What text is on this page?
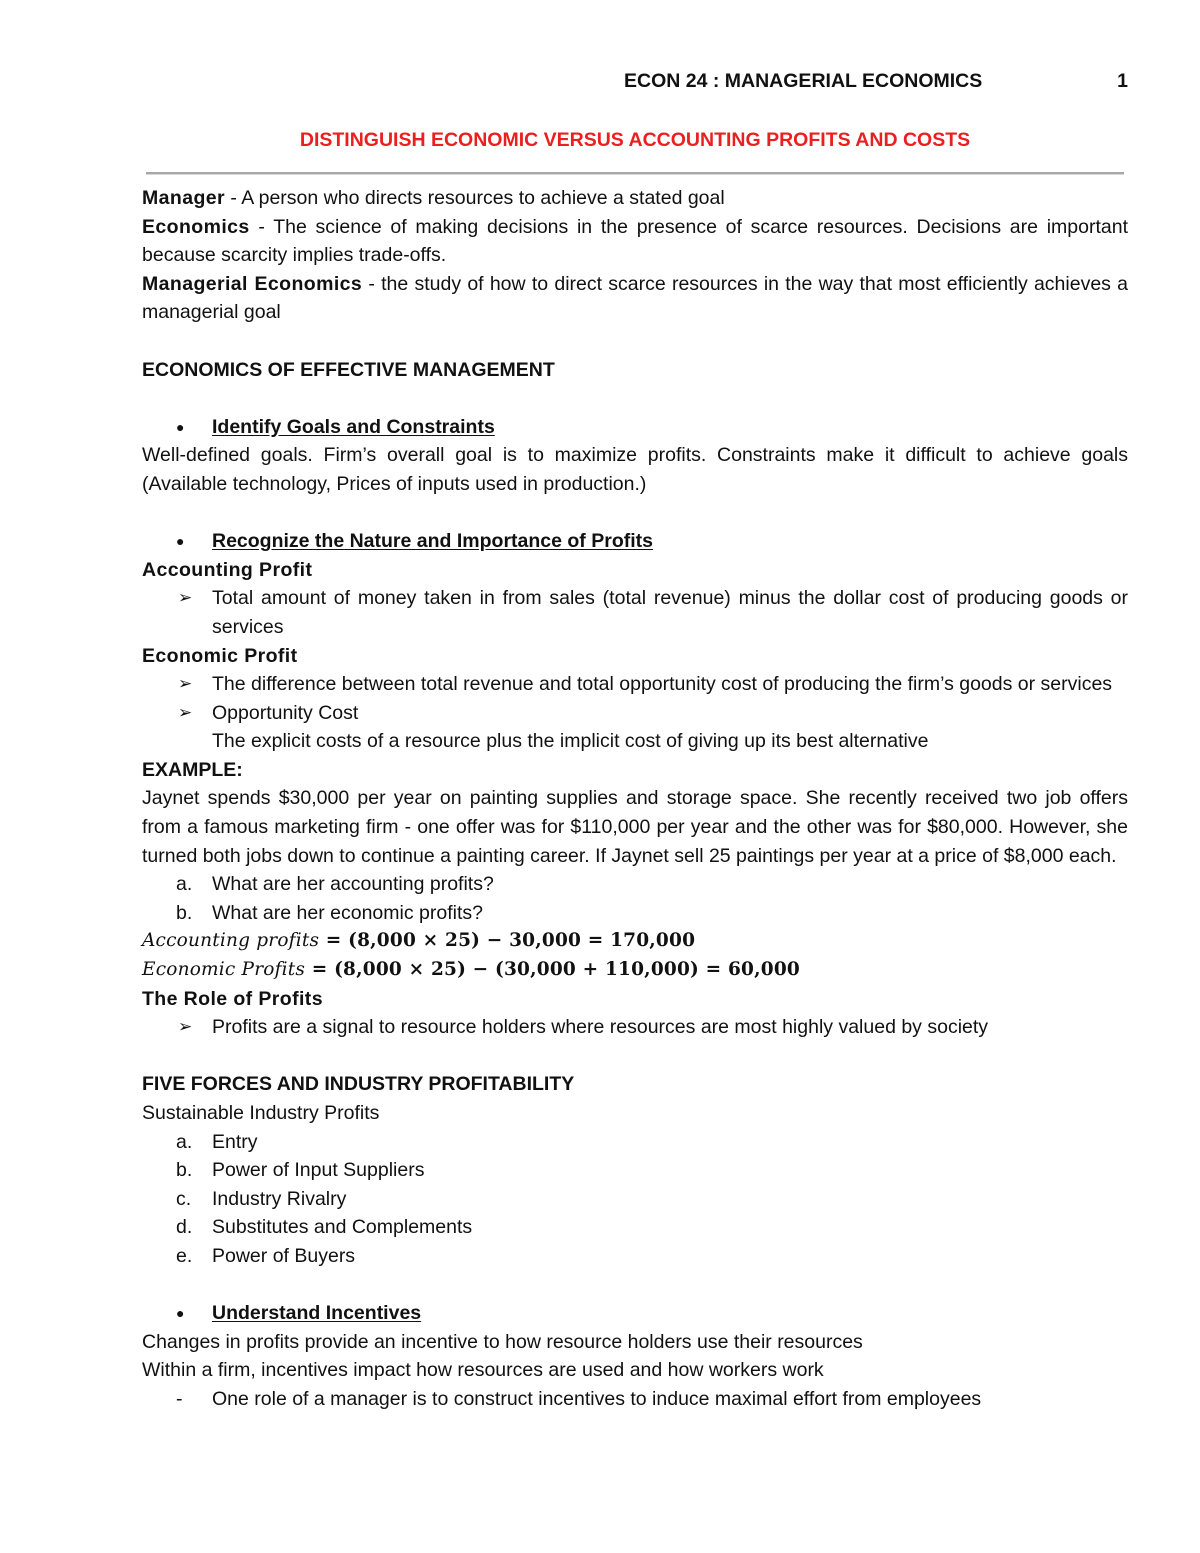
ECON 24 : MANAGERIAL ECONOMICS	1
DISTINGUISH ECONOMIC VERSUS ACCOUNTING PROFITS AND COSTS

Manager - A person who directs resources to achieve a stated goal

Economics - The science of making decisions in the presence of scarce resources. Decisions are important because scarcity implies trade-offs.

Managerial Economics - the study of how to direct scarce resources in the way that most efficiently achieves a managerial goal

ECONOMICS OF EFFECTIVE MANAGEMENT

● Identify Goals and Constraints

Well-defined goals. Firm’s overall goal is to maximize profits. Constraints make it difficult to achieve goals (Available technology, Prices of inputs used in production.)

● Recognize the Nature and Importance of Profits

Accounting Profit

➢ Total amount of money taken in from sales (total revenue) minus the dollar cost of producing goods or services

Economic Profit

➢ The difference between total revenue and total opportunity cost of producing the firm’s goods or services

➢ Opportunity Cost

The explicit costs of a resource plus the implicit cost of giving up its best alternative

EXAMPLE:

Jaynet spends $30,000 per year on painting supplies and storage space. She recently received two job offers from a famous marketing firm - one offer was for $110,000 per year and the other was for $80,000. However, she turned both jobs down to continue a painting career. If Jaynet sell 25 paintings per year at a price of $8,000 each.

a. What are her accounting profits?

b. What are her economic profits?

Accounting profits = (8,000 × 25) − 30,000 = 170,000

Economic Profits = (8,000 × 25) − (30,000 + 110,000) = 60,000

The Role of Profits

➢ Profits are a signal to resource holders where resources are most highly valued by society

FIVE FORCES AND INDUSTRY PROFITABILITY

Sustainable Industry Profits

a. Entry

b. Power of Input Suppliers

c. Industry Rivalry

d. Substitutes and Complements

e. Power of Buyers

● Understand Incentives

Changes in profits provide an incentive to how resource holders use their resources

Within a firm, incentives impact how resources are used and how workers work

- One role of a manager is to construct incentives to induce maximal effort from employees
